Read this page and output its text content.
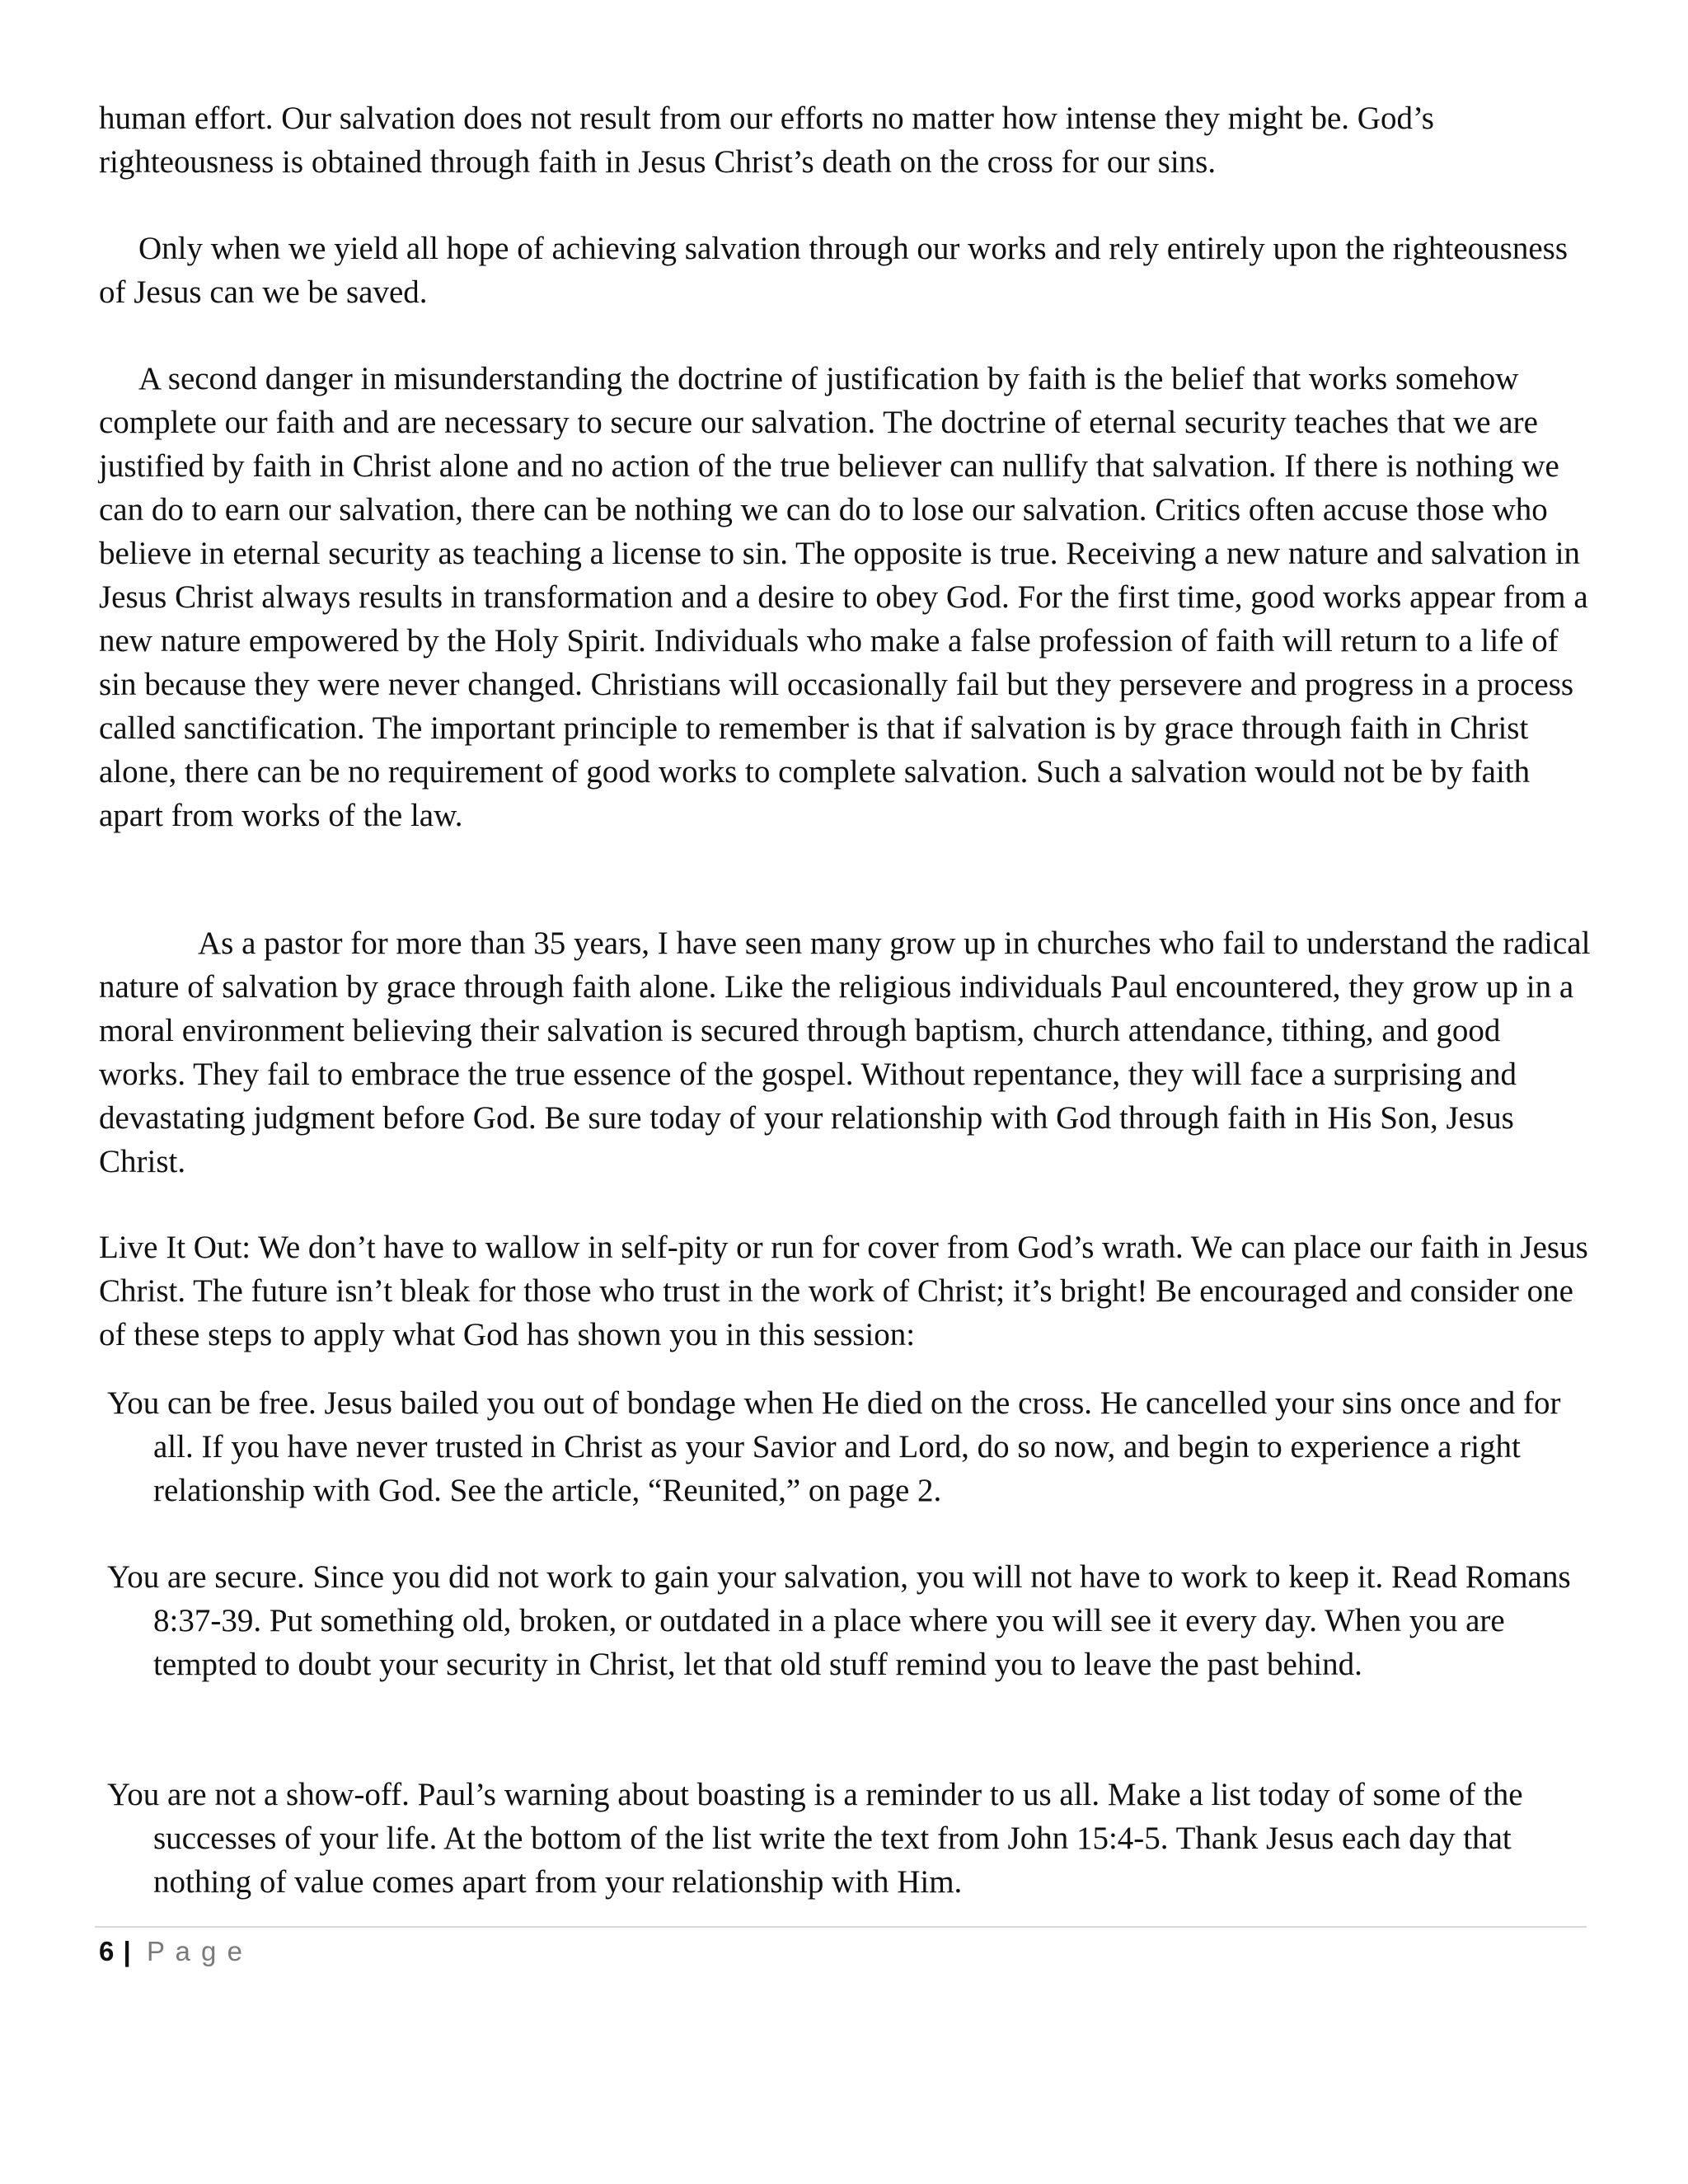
human effort. Our salvation does not result from our efforts no matter how intense they might be. God’s righteousness is obtained through faith in Jesus Christ’s death on the cross for our sins.

Only when we yield all hope of achieving salvation through our works and rely entirely upon the righteousness of Jesus can we be saved.

A second danger in misunderstanding the doctrine of justification by faith is the belief that works somehow complete our faith and are necessary to secure our salvation. The doctrine of eternal security teaches that we are justified by faith in Christ alone and no action of the true believer can nullify that salvation. If there is nothing we can do to earn our salvation, there can be nothing we can do to lose our salvation. Critics often accuse those who believe in eternal security as teaching a license to sin. The opposite is true. Receiving a new nature and salvation in Jesus Christ always results in transformation and a desire to obey God. For the first time, good works appear from a new nature empowered by the Holy Spirit. Individuals who make a false profession of faith will return to a life of sin because they were never changed. Christians will occasionally fail but they persevere and progress in a process called sanctification. The important principle to remember is that if salvation is by grace through faith in Christ alone, there can be no requirement of good works to complete salvation. Such a salvation would not be by faith apart from works of the law.

As a pastor for more than 35 years, I have seen many grow up in churches who fail to understand the radical nature of salvation by grace through faith alone. Like the religious individuals Paul encountered, they grow up in a moral environment believing their salvation is secured through baptism, church attendance, tithing, and good works. They fail to embrace the true essence of the gospel. Without repentance, they will face a surprising and devastating judgment before God. Be sure today of your relationship with God through faith in His Son, Jesus Christ.

Live It Out: We don’t have to wallow in self-pity or run for cover from God’s wrath. We can place our faith in Jesus Christ. The future isn’t bleak for those who trust in the work of Christ; it’s bright! Be encouraged and consider one of these steps to apply what God has shown you in this session:

You can be free. Jesus bailed you out of bondage when He died on the cross. He cancelled your sins once and for all. If you have never trusted in Christ as your Savior and Lord, do so now, and begin to experience a right relationship with God. See the article, “Reunited,” on page 2.

You are secure. Since you did not work to gain your salvation, you will not have to work to keep it. Read Romans 8:37-39. Put something old, broken, or outdated in a place where you will see it every day. When you are tempted to doubt your security in Christ, let that old stuff remind you to leave the past behind.

You are not a show-off. Paul’s warning about boasting is a reminder to us all. Make a list today of some of the successes of your life. At the bottom of the list write the text from John 15:4-5. Thank Jesus each day that nothing of value comes apart from your relationship with Him.

6 | P a g e
